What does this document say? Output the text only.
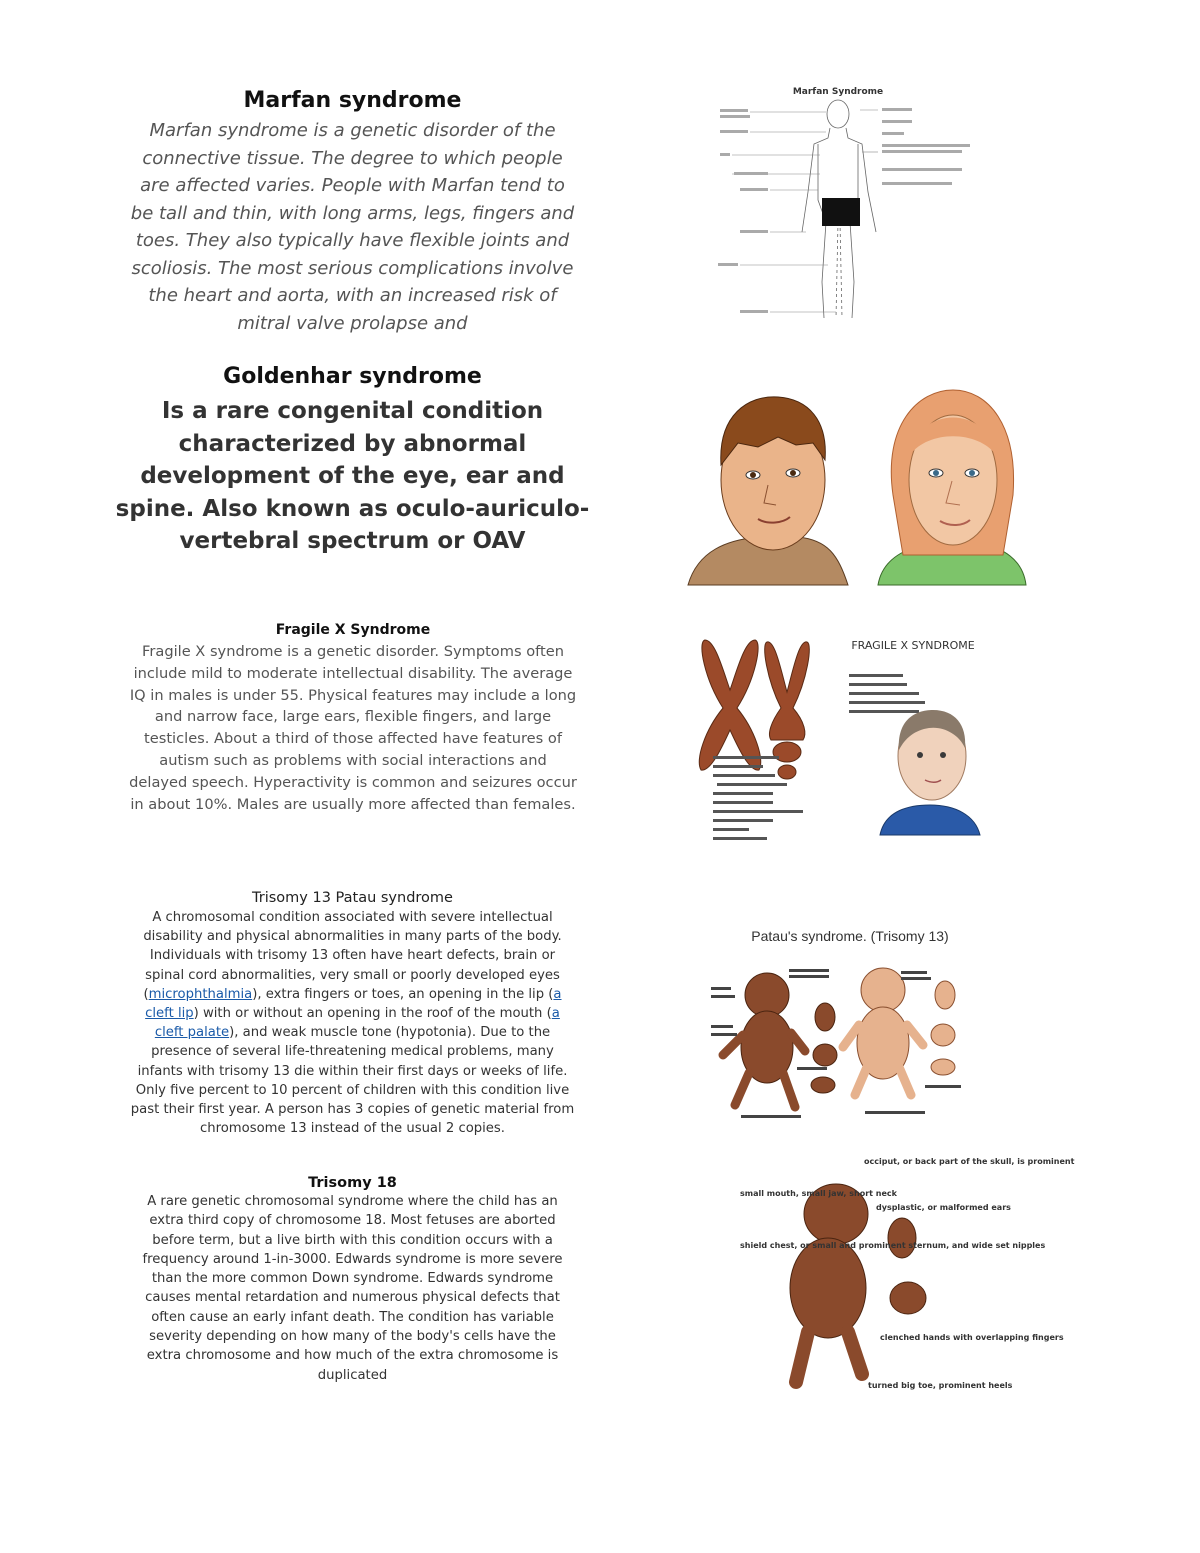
Marfan syndrome
Marfan syndrome is a genetic disorder of the connective tissue. The degree to which people are affected varies. People with Marfan tend to be tall and thin, with long arms, legs, fingers and toes. They also typically have flexible joints and scoliosis. The most serious complications involve the heart and aorta, with an increased risk of mitral valve prolapse and
Marfan Syndrome
Goldenhar syndrome
Is a rare congenital condition characterized by abnormal development of the eye, ear and spine. Also known as oculo-auriculo-vertebral spectrum or OAV
Fragile X Syndrome
Fragile X syndrome is a genetic disorder. Symptoms often include mild to moderate intellectual disability. The average IQ in males is under 55. Physical features may include a long and narrow face, large ears, flexible fingers, and large testicles. About a third of those affected have features of autism such as problems with social interactions and delayed speech. Hyperactivity is common and seizures occur in about 10%. Males are usually more affected than females.
FRAGILE X SYNDROME
Trisomy 13 Patau syndrome
A chromosomal condition associated with severe intellectual disability and physical abnormalities in many parts of the body. Individuals with trisomy 13 often have heart defects, brain or spinal cord abnormalities, very small or poorly developed eyes (microphthalmia), extra fingers or toes, an opening in the lip (a cleft lip) with or without an opening in the roof of the mouth (a cleft palate), and weak muscle tone (hypotonia). Due to the presence of several life-threatening medical problems, many infants with trisomy 13 die within their first days or weeks of life. Only five percent to 10 percent of children with this condition live past their first year. A person has 3 copies of genetic material from chromosome 13 instead of the usual 2 copies.
Patau's syndrome. (Trisomy 13)
Trisomy 18
A rare genetic chromosomal syndrome where the child has an extra third copy of chromosome 18. Most fetuses are aborted before term, but a live birth with this condition occurs with a frequency around 1-in-3000. Edwards syndrome is more severe than the more common Down syndrome. Edwards syndrome causes mental retardation and numerous physical defects that often cause an early infant death. The condition has variable severity depending on how many of the body's cells have the extra chromosome and how much of the extra chromosome is duplicated
occiput, or back part of the skull, is prominent
small mouth, small jaw, short neck
dysplastic, or malformed ears
shield chest, or small and prominent sternum, and wide set nipples
clenched hands with overlapping fingers
turned big toe, prominent heels
